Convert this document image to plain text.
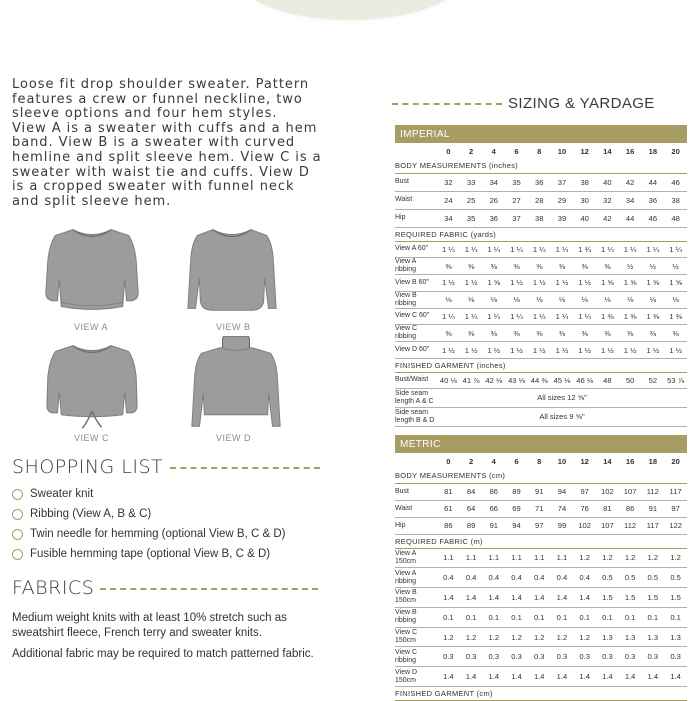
Loose fit drop shoulder sweater. Pattern features a crew or funnel neckline, two sleeve options and four hem styles.

View A is a sweater with cuffs and a hem band. View B is a sweater with curved hemline and split sleeve hem. View C is a sweater with waist tie and cuffs. View D is a cropped sweater with funnel neck and split sleeve hem.

VIEW A	VIEW B
VIEW C	VIEW D
SHOPPING LIST
Sweater knit
Ribbing (View A, B & C)
Twin needle for hemming (optional View B, C & D)
Fusible hemming tape (optional View B, C & D)
FABRICS

Medium weight knits with at least 10% stretch such as sweatshirt fleece, French terry and sweater knits.

Additional fabric may be required to match patterned fabric.

SIZING & YARDAGE
IMPERIAL											
	0	2	4	6	8	10	12	14	16	18	20
BODY MEASUREMENTS (inches)											
Bust	32	33	34	35	36	37	38	40	42	44	46
Waist	24	25	26	27	28	29	30	32	34	36	38
Hip	34	35	36	37	38	39	40	42	44	46	48
REQUIRED FABRIC (yards)											
View A 60"	1 ¼	1 ¼	1 ¼	1 ¼	1 ¼	1 ¼	1 ¾	1 ¼	1 ¼	1 ¼	1 ¼
View A ribbing	⅜	⅜	⅜	⅜	⅜	⅜	⅜	⅜	½	½	½
View B 60"	1 ½	1 ½	1 ⅝	1 ½	1 ½	1 ½	1 ½	1 ⅝	1 ⅝	1 ⅝	1 ⅝
View B ribbing	⅛	⅛	⅛	⅛	⅛	⅛	⅛	⅛	⅛	⅛	⅛
View C 60"	1 ¼	1 ¼	1 ¼	1 ¼	1 ¼	1 ¼	1 ¼	1 ⅜	1 ⅜	1 ⅜	1 ⅜
View C ribbing	⅜	⅜	⅜	⅜	⅜	⅜	⅜	⅜	⅜	⅜	⅜
View D 60"	1 ½	1 ½	1 ½	1 ½	1 ½	1 ½	1 ½	1 ½	1 ½	1 ½	1 ½
FINISHED GARMENT (inches)											
Bust/Waist	40 ⅛	41 ⅞	42 ⅛	43 ⅛	44 ⅜	45 ⅛	46 ⅛	48	50	52	53 ⅞
Side seam length A & C	All sizes 12 ⅝"										
Side seam length B & D	All sizes 9 ⅝"										
METRIC											
	0	2	4	6	8	10	12	14	16	18	20
BODY MEASUREMENTS (cm)											
Bust	81	84	86	89	91	94	97	102	107	112	117
Waist	61	64	66	69	71	74	76	81	86	91	97
Hip	86	89	91	94	97	99	102	107	112	117	122
REQUIRED FABRIC (m)											
View A 150cm	1.1	1.1	1.1	1.1	1.1	1.1	1.2	1.2	1.2	1.2	1.2
View A ribbing	0.4	0.4	0.4	0.4	0.4	0.4	0.4	0.5	0.5	0.5	0.5
View B 150cm	1.4	1.4	1.4	1.4	1.4	1.4	1.4	1.5	1.5	1.5	1.5
View B ribbing	0.1	0.1	0.1	0.1	0.1	0.1	0.1	0.1	0.1	0.1	0.1
View C 150cm	1.2	1.2	1.2	1.2	1.2	1.2	1.2	1.3	1.3	1.3	1.3
View C ribbing	0.3	0.3	0.3	0.3	0.3	0.3	0.3	0.3	0.3	0.3	0.3
View D 150cm	1.4	1.4	1.4	1.4	1.4	1.4	1.4	1.4	1.4	1.4	1.4
FINISHED GARMENT (cm)											
